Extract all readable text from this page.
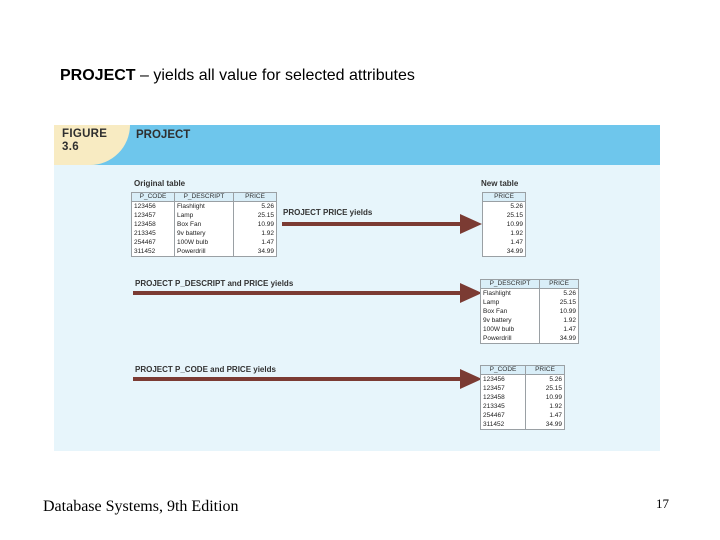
PROJECT – yields all value for selected attributes
FIGURE
3.6
PROJECT
Original table
P_CODE	P_DESCRIPT	PRICE
123456	Flashlight	5.26
123457	Lamp	25.15
123458	Box Fan	10.99
213345	9v battery	1.92
254467	100W bulb	1.47
311452	Powerdrill	34.99
New table
PROJECT PRICE yields
PRICE
5.26
25.15
10.99
1.92
1.47
34.99
PROJECT P_DESCRIPT and PRICE yields	P_DESCRIPT	PRICE
Flashlight	5.26
Lamp	25.15
Box Fan	10.99
9v battery	1.92
100W bulb	1.47
Powerdrill	34.99
PROJECT P_CODE and PRICE yields	P_CODE	PRICE
123456	5.26
123457	25.15
123458	10.99
213345	1.92
254467	1.47
311452	34.99
Database Systems, 9th Edition	17
